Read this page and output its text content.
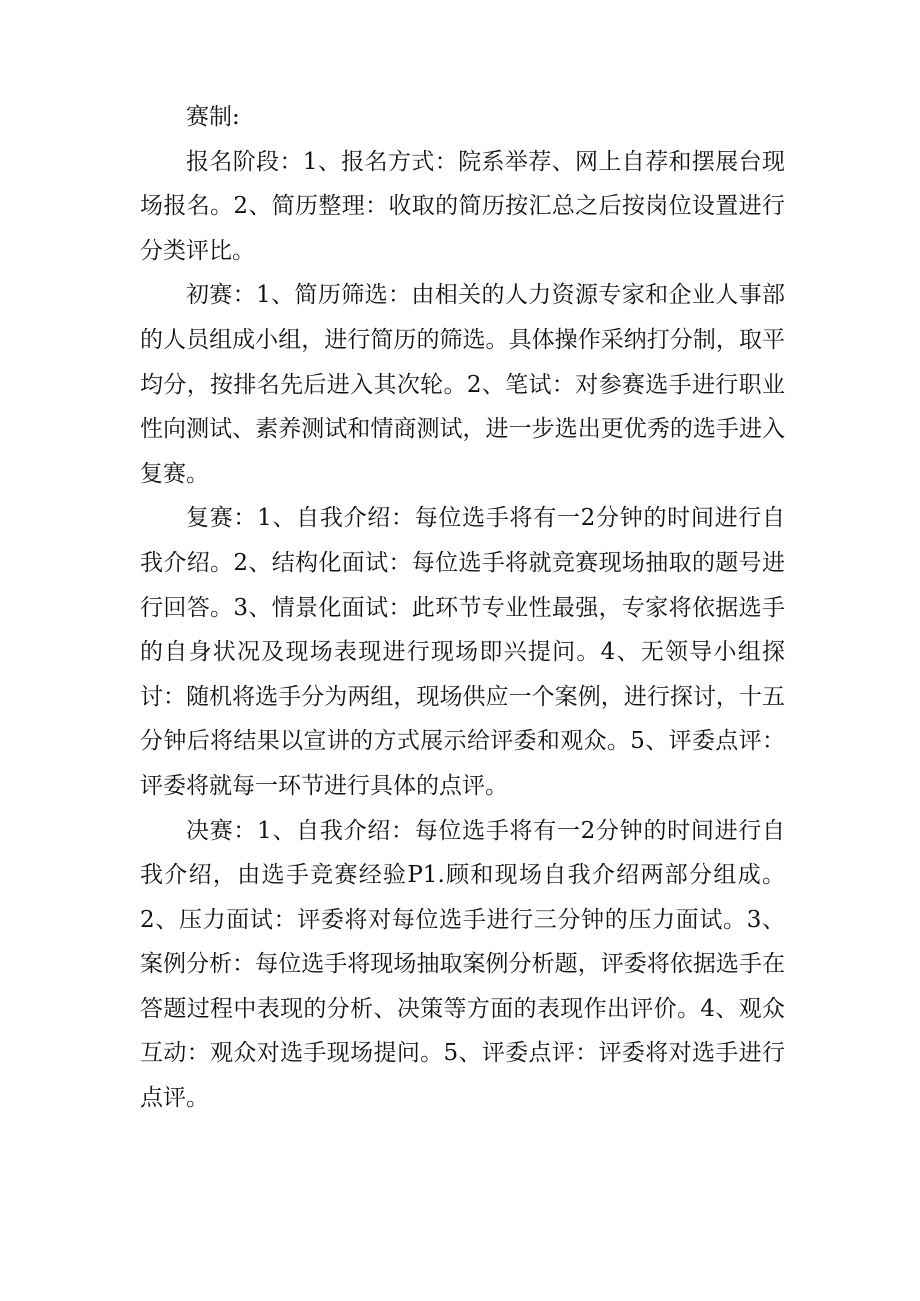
赛制:

报名阶段：1、报名方式：院系举荐、网上自荐和摆展台现场报名。2、简历整理：收取的简历按汇总之后按岗位设置进行分类评比。

初赛：1、简历筛选：由相关的人力资源专家和企业人事部的人员组成小组，进行简历的筛选。具体操作采纳打分制，取平均分，按排名先后进入其次轮。2、笔试：对参赛选手进行职业性向测试、素养测试和情商测试，进一步选出更优秀的选手进入复赛。

复赛：1、自我介绍：每位选手将有一2分钟的时间进行自我介绍。2、结构化面试：每位选手将就竞赛现场抽取的题号进行回答。3、情景化面试：此环节专业性最强，专家将依据选手的自身状况及现场表现进行现场即兴提问。4、无领导小组探讨：随机将选手分为两组，现场供应一个案例，进行探讨，十五分钟后将结果以宣讲的方式展示给评委和观众。5、评委点评：评委将就每一环节进行具体的点评。

决赛：1、自我介绍：每位选手将有一2分钟的时间进行自我介绍，由选手竞赛经验P1.顾和现场自我介绍两部分组成。2、压力面试：评委将对每位选手进行三分钟的压力面试。3、案例分析：每位选手将现场抽取案例分析题，评委将依据选手在答题过程中表现的分析、决策等方面的表现作出评价。4、观众互动：观众对选手现场提问。5、评委点评：评委将对选手进行点评。
